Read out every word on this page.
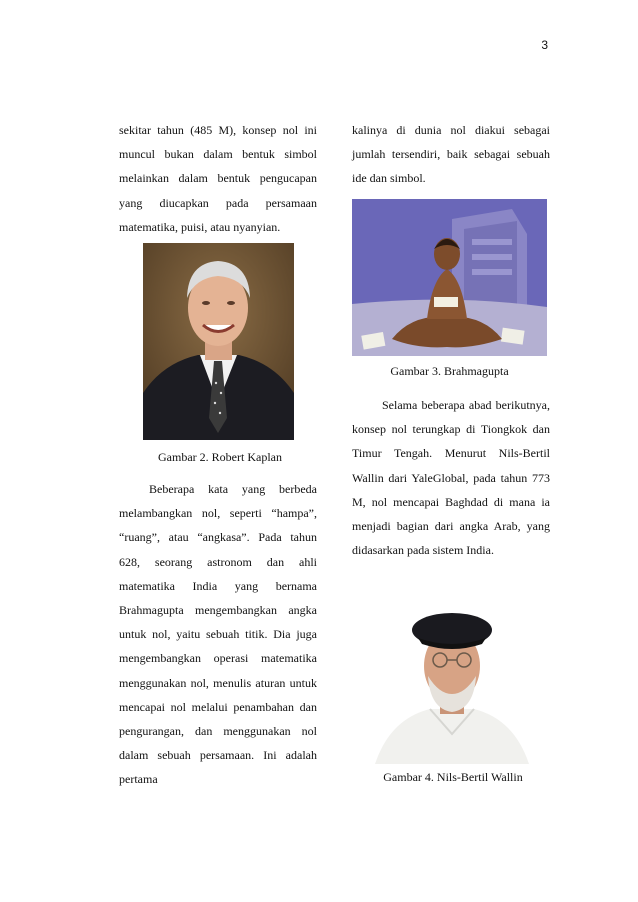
3

sekitar tahun (485 M), konsep nol ini muncul bukan dalam bentuk simbol melainkan dalam bentuk pengucapan yang diucapkan pada persamaan matematika, puisi, atau nyanyian.

Gambar 2. Robert Kaplan

Beberapa kata yang berbeda melambangkan nol, seperti “hampa”, “ruang”, atau “angkasa”. Pada tahun 628, seorang astronom dan ahli matematika India yang bernama Brahmagupta mengembangkan angka untuk nol, yaitu sebuah titik. Dia juga mengembangkan operasi matematika menggunakan nol, menulis aturan untuk mencapai nol melalui penambahan dan pengurangan, dan menggunakan nol dalam sebuah persamaan. Ini adalah pertama

kalinya di dunia nol diakui sebagai jumlah tersendiri, baik sebagai sebuah ide dan simbol.

Gambar 3. Brahmagupta

Selama beberapa abad berikutnya, konsep nol terungkap di Tiongkok dan Timur Tengah. Menurut Nils-Bertil Wallin dari YaleGlobal, pada tahun 773 M, nol mencapai Baghdad di mana ia menjadi bagian dari angka Arab, yang didasarkan pada sistem India.

Gambar 4. Nils-Bertil Wallin
